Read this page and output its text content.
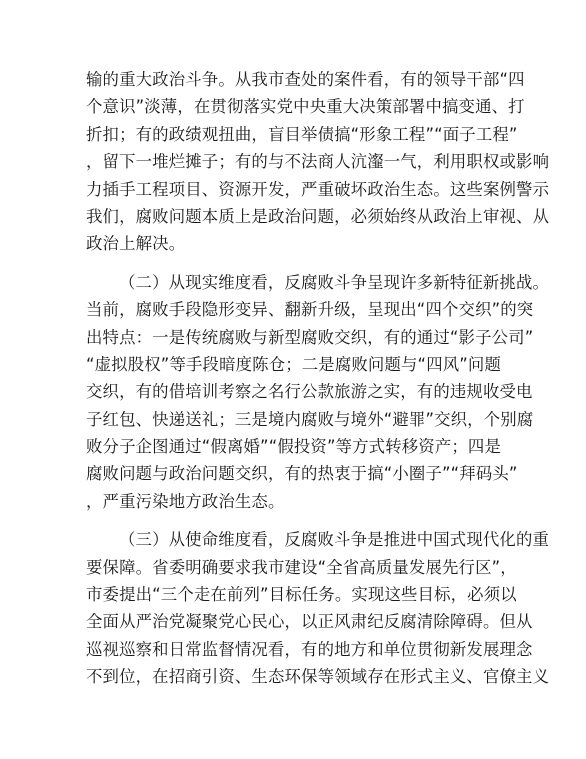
输的重大政治斗争。从我市查处的案件看，有的领导干部“四
个意识”淡薄，在贯彻落实党中央重大决策部署中搞变通、打
折扣；有的政绩观扭曲，盲目举债搞“形象工程”“面子工程”
，留下一堆烂摊子；有的与不法商人沆瀣一气，利用职权或影响
力插手工程项目、资源开发，严重破坏政治生态。这些案例警示
我们，腐败问题本质上是政治问题，必须始终从政治上审视、从
政治上解决。
（二）从现实维度看，反腐败斗争呈现许多新特征新挑战。
当前，腐败手段隐形变异、翻新升级，呈现出“四个交织”的突
出特点：一是传统腐败与新型腐败交织，有的通过“影子公司”
“虚拟股权”等手段暗度陈仓；二是腐败问题与“四风”问题
交织，有的借培训考察之名行公款旅游之实，有的违规收受电
子红包、快递送礼；三是境内腐败与境外“避罪”交织，个别腐
败分子企图通过“假离婚”“假投资”等方式转移资产；四是
腐败问题与政治问题交织，有的热衷于搞“小圈子”“拜码头”
，严重污染地方政治生态。
（三）从使命维度看，反腐败斗争是推进中国式现代化的重
要保障。省委明确要求我市建设“全省高质量发展先行区”，
市委提出“三个走在前列”目标任务。实现这些目标，必须以
全面从严治党凝聚党心民心，以正风肃纪反腐清除障碍。但从
巡视巡察和日常监督情况看，有的地方和单位贯彻新发展理念
不到位，在招商引资、生态环保等领域存在形式主义、官僚主义
